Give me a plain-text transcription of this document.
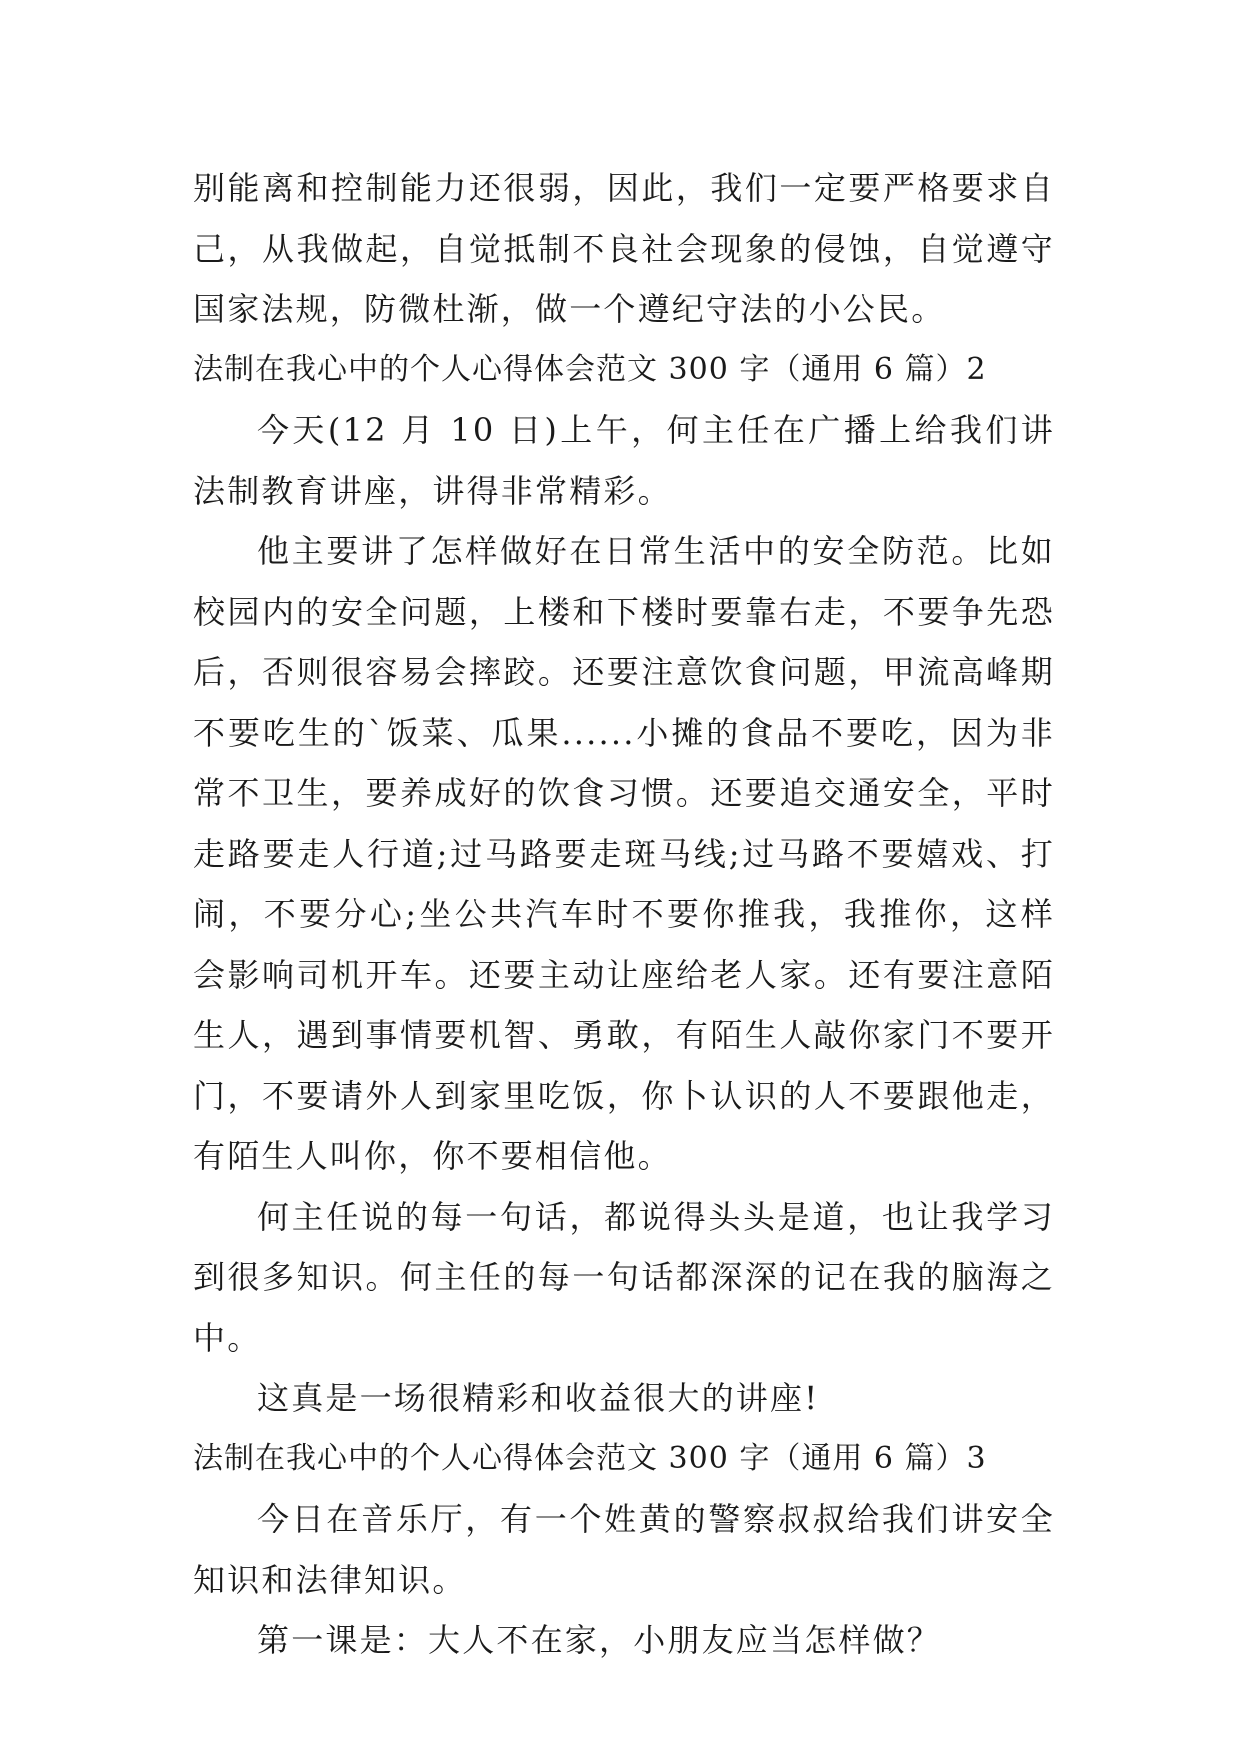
别能离和控制能力还很弱，因此，我们一定要严格要求自己，从我做起，自觉抵制不良社会现象的侵蚀，自觉遵守国家法规，防微杜渐，做一个遵纪守法的小公民。

法制在我心中的个人心得体会范文 300 字（通用 6 篇）2

今天(12 月 10 日)上午，何主任在广播上给我们讲法制教育讲座，讲得非常精彩。

他主要讲了怎样做好在日常生活中的安全防范。比如校园内的安全问题，上楼和下楼时要靠右走，不要争先恐后，否则很容易会摔跤。还要注意饮食问题，甲流高峰期不要吃生的`饭菜、瓜果......小摊的食品不要吃，因为非常不卫生，要养成好的饮食习惯。还要追交通安全，平时走路要走人行道;过马路要走斑马线;过马路不要嬉戏、打闹，不要分心;坐公共汽车时不要你推我，我推你，这样会影响司机开车。还要主动让座给老人家。还有要注意陌生人，遇到事情要机智、勇敢，有陌生人敲你家门不要开门，不要请外人到家里吃饭，你卜认识的人不要跟他走，有陌生人叫你，你不要相信他。

何主任说的每一句话，都说得头头是道，也让我学习到很多知识。何主任的每一句话都深深的记在我的脑海之中。

这真是一场很精彩和收益很大的讲座!

法制在我心中的个人心得体会范文 300 字（通用 6 篇）3

今日在音乐厅，有一个姓黄的警察叔叔给我们讲安全知识和法律知识。

第一课是：大人不在家，小朋友应当怎样做？
